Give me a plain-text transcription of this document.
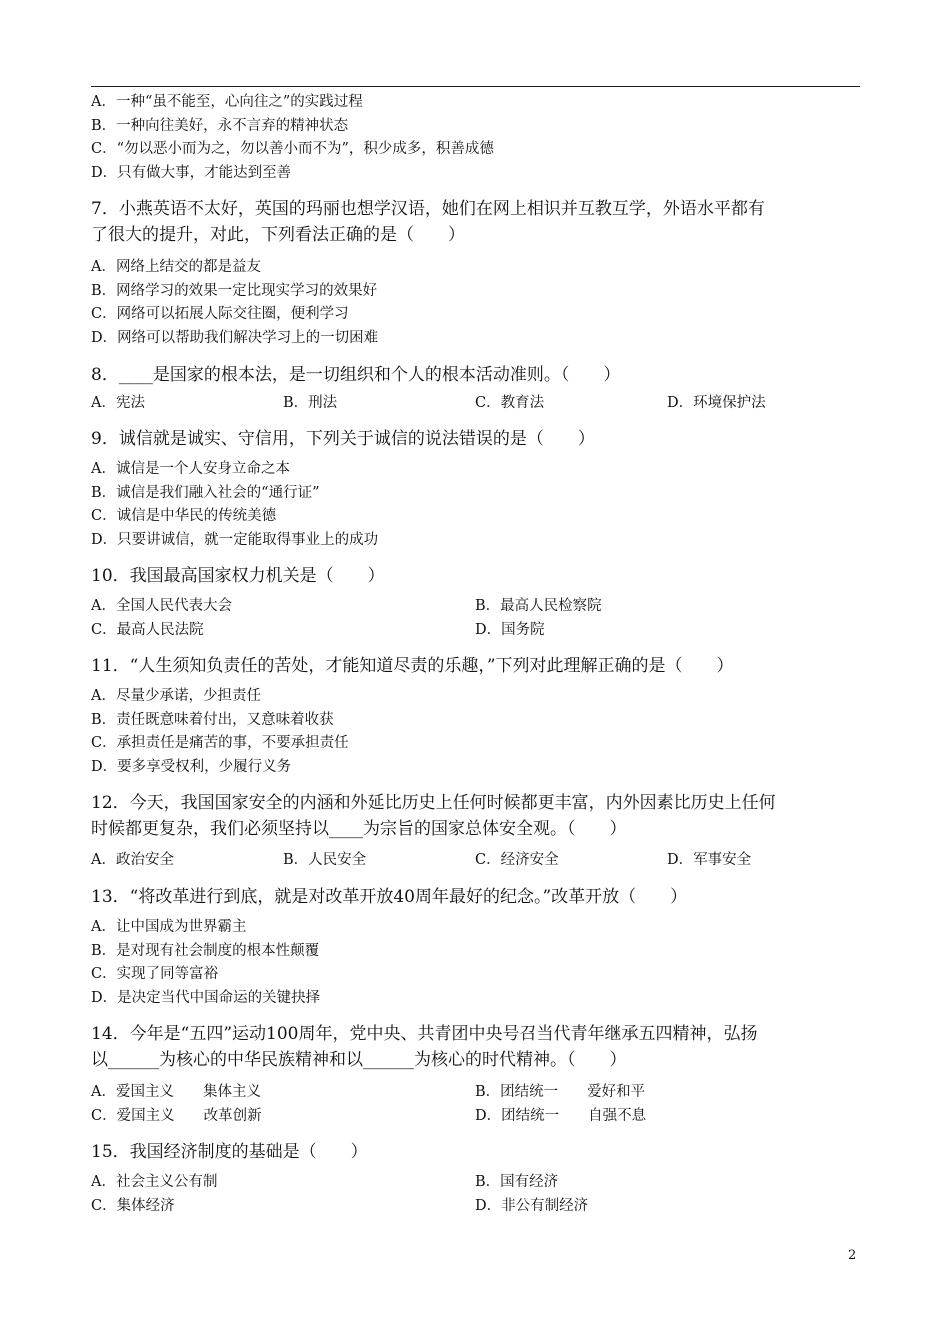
A．一种“虽不能至，心向往之”的实践过程

B．一种向往美好，永不言弃的精神状态

C．“勿以恶小而为之，勿以善小而不为”，积少成多，积善成德

D．只有做大事，才能达到至善

7．小燕英语不太好，英国的玛丽也想学汉语，她们在网上相识并互教互学，外语水平都有

了很大的提升，对此，下列看法正确的是（　　）

A．网络上结交的都是益友

B．网络学习的效果一定比现实学习的效果好

C．网络可以拓展人际交往圈，便利学习

D．网络可以帮助我们解决学习上的一切困难

8．____是国家的根本法，是一切组织和个人的根本活动准则。（　　）

A．宪法	B．刑法	C．教育法	D．环境保护法

9．诚信就是诚实、守信用，下列关于诚信的说法错误的是（　　）

A．诚信是一个人安身立命之本

B．诚信是我们融入社会的“通行证”

C．诚信是中华民的传统美德

D．只要讲诚信，就一定能取得事业上的成功

10．我国最高国家权力机关是（　　）

A．全国人民代表大会	B．最高人民检察院
C．最高人民法院	D．国务院

11．“人生须知负责任的苦处，才能知道尽责的乐趣，”下列对此理解正确的是（　　）

A．尽量少承诺，少担责任

B．责任既意味着付出，又意味着收获

C．承担责任是痛苦的事，不要承担责任

D．要多享受权利，少履行义务

12．今天，我国国家安全的内涵和外延比历史上任何时候都更丰富，内外因素比历史上任何

时候都更复杂，我们必须坚持以____为宗旨的国家总体安全观。（　　）

A．政治安全	B．人民安全	C．经济安全	D．军事安全

13．“将改革进行到底，就是对改革开放40周年最好的纪念。”改革开放（　　）

A．让中国成为世界霸主

B．是对现有社会制度的根本性颠覆

C．实现了同等富裕

D．是决定当代中国命运的关键抉择

14．今年是“五四”运动100周年，党中央、共青团中央号召当代青年继承五四精神，弘扬

以______为核心的中华民族精神和以______为核心的时代精神。（　　）

A．爱国主义　　集体主义	B．团结统一　　爱好和平
C．爱国主义　　改革创新	D．团结统一　　自强不息

15．我国经济制度的基础是（　　）

A．社会主义公有制	B．国有经济
C．集体经济	D．非公有制经济
2
